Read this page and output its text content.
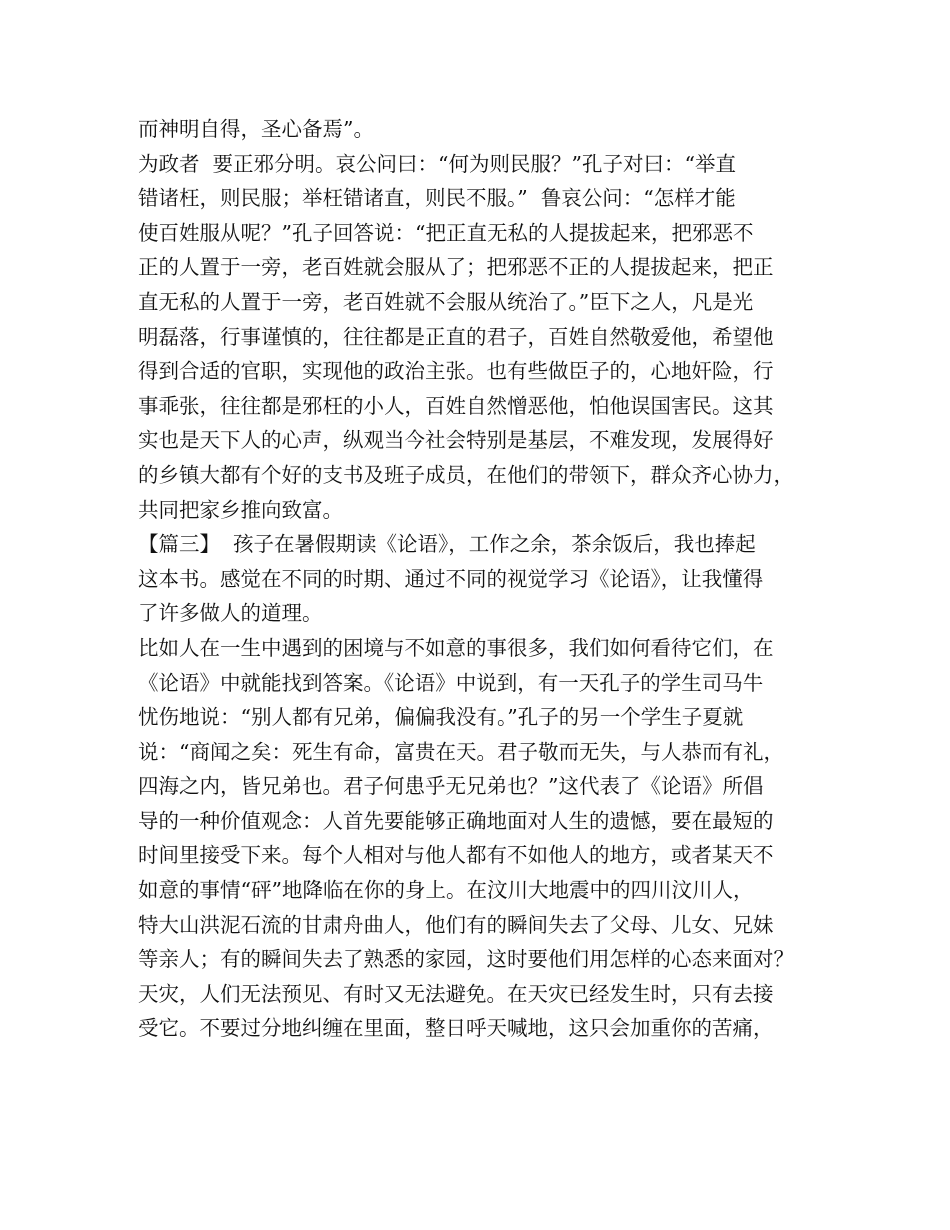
而神明自得，圣心备焉”。
为政者  要正邪分明。哀公问曰：“何为则民服？”孔子对曰：“举直
错诸枉，则民服；举枉错诸直，则民不服。”  鲁哀公问：“怎样才能
使百姓服从呢？”孔子回答说：“把正直无私的人提拔起来，把邪恶不
正的人置于一旁，老百姓就会服从了；把邪恶不正的人提拔起来，把正
直无私的人置于一旁，老百姓就不会服从统治了。”臣下之人，凡是光
明磊落，行事谨慎的，往往都是正直的君子，百姓自然敬爱他，希望他
得到合适的官职，实现他的政治主张。也有些做臣子的，心地奸险，行
事乖张，往往都是邪枉的小人，百姓自然憎恶他，怕他误国害民。这其
实也是天下人的心声，纵观当今社会特别是基层，不难发现，发展得好
的乡镇大都有个好的支书及班子成员，在他们的带领下，群众齐心协力，
共同把家乡推向致富。
【篇三】  孩子在暑假期读《论语》，工作之余，茶余饭后，我也捧起
这本书。感觉在不同的时期、通过不同的视觉学习《论语》，让我懂得
了许多做人的道理。
比如人在一生中遇到的困境与不如意的事很多，我们如何看待它们，在
《论语》中就能找到答案。《论语》中说到，有一天孔子的学生司马牛
忧伤地说：“别人都有兄弟，偏偏我没有。”孔子的另一个学生子夏就
说：“商闻之矣：死生有命，富贵在天。君子敬而无失，与人恭而有礼，
四海之内，皆兄弟也。君子何患乎无兄弟也？”这代表了《论语》所倡
导的一种价值观念：人首先要能够正确地面对人生的遗憾，要在最短的
时间里接受下来。每个人相对与他人都有不如他人的地方，或者某天不
如意的事情“砰”地降临在你的身上。在汶川大地震中的四川汶川人，
特大山洪泥石流的甘肃舟曲人，他们有的瞬间失去了父母、儿女、兄妹
等亲人；有的瞬间失去了熟悉的家园，这时要他们用怎样的心态来面对？
天灾，人们无法预见、有时又无法避免。在天灾已经发生时，只有去接
受它。不要过分地纠缠在里面，整日呼天喊地，这只会加重你的苦痛，
